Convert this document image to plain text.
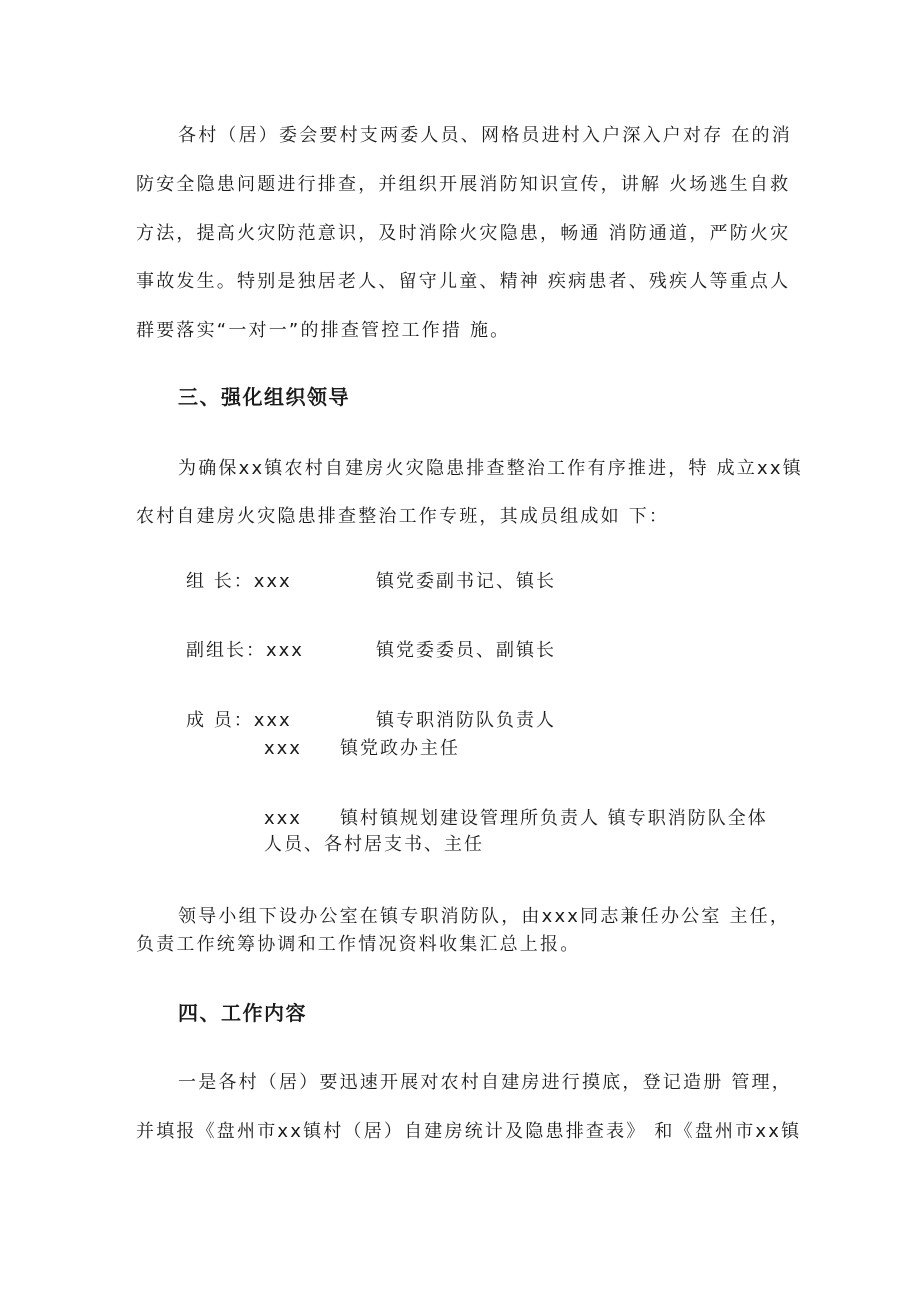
各村（居）委会要村支两委人员、网格员进村入户深入户对存 在的消
防安全隐患问题进行排查，并组织开展消防知识宣传，讲解 火场逃生自救
方法，提高火灾防范意识，及时消除火灾隐患，畅通 消防通道，严防火灾
事故发生。特别是独居老人、留守儿童、精神 疾病患者、残疾人等重点人
群要落实“一对一”的排查管控工作措 施。
三、强化组织领导
为确保xx镇农村自建房火灾隐患排查整治工作有序推进，特 成立xx镇
农村自建房火灾隐患排查整治工作专班，其成员组成如 下：
组 长：xxx	镇党委副书记、镇长
副组长：xxx	镇党委委员、副镇长
成 员：xxx	镇专职消防队负责人
xxx 镇党政办主任
xxx 镇村镇规划建设管理所负责人 镇专职消防队全体
人员、各村居支书、主任
领导小组下设办公室在镇专职消防队，由xxx同志兼任办公室 主任，
负责工作统筹协调和工作情况资料收集汇总上报。
四、工作内容
一是各村（居）要迅速开展对农村自建房进行摸底，登记造册 管理，
并填报《盘州市xx镇村（居）自建房统计及隐患排查表》 和《盘州市xx镇
